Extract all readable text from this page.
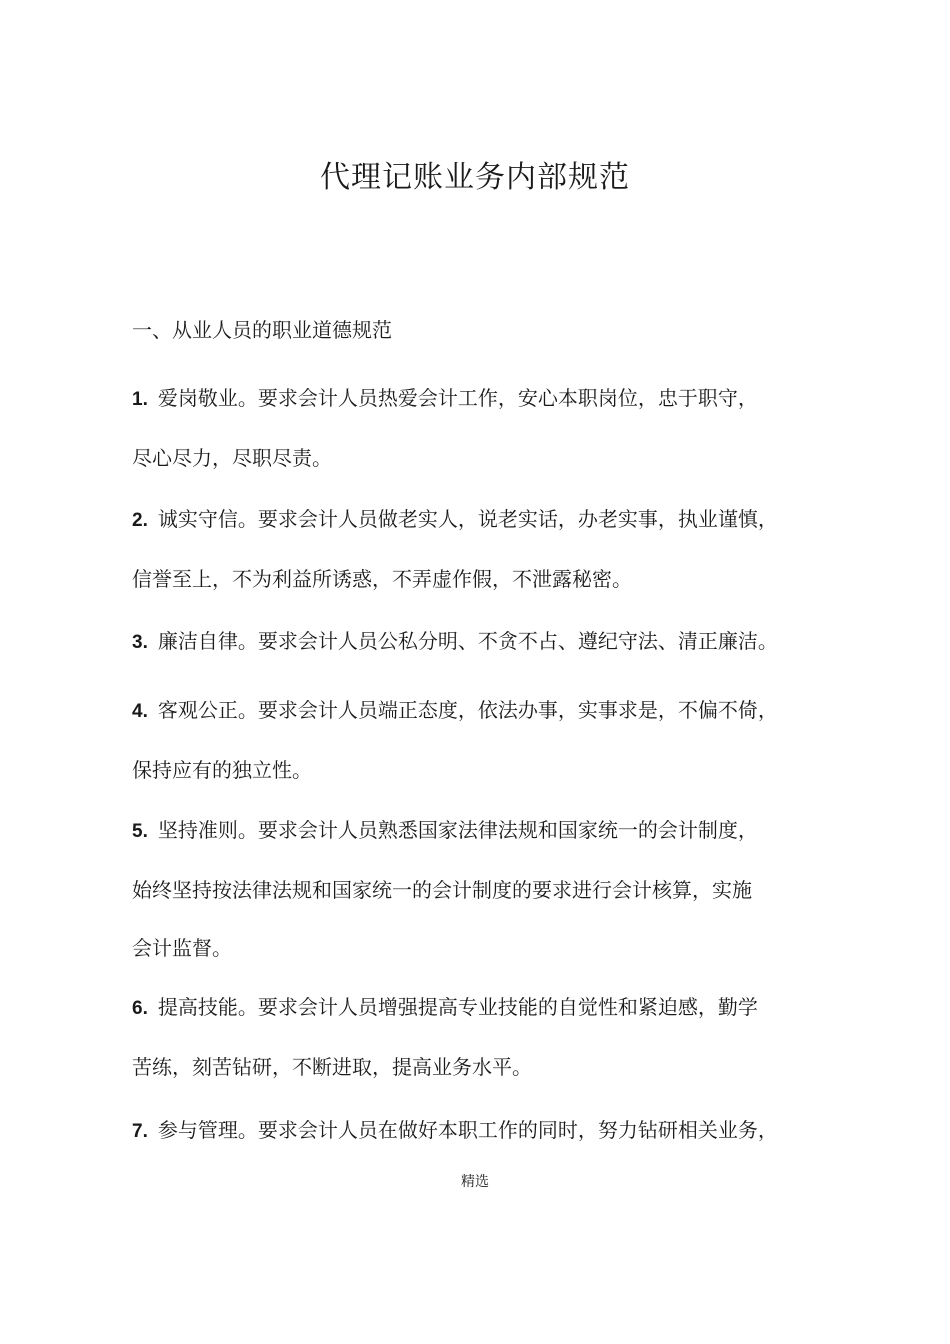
代理记账业务内部规范
一、从业人员的职业道德规范

1. 爱岗敬业。要求会计人员热爱会计工作，安心本职岗位，忠于职守，
尽心尽力，尽职尽责。

2. 诚实守信。要求会计人员做老实人，说老实话，办老实事，执业谨慎，
信誉至上，不为利益所诱惑，不弄虚作假，不泄露秘密。

3. 廉洁自律。要求会计人员公私分明、不贪不占、遵纪守法、清正廉洁。

4. 客观公正。要求会计人员端正态度，依法办事，实事求是，不偏不倚，
保持应有的独立性。

5. 坚持准则。要求会计人员熟悉国家法律法规和国家统一的会计制度，
始终坚持按法律法规和国家统一的会计制度的要求进行会计核算，实施
会计监督。

6. 提高技能。要求会计人员增强提高专业技能的自觉性和紧迫感，勤学
苦练，刻苦钻研，不断进取，提高业务水平。

7. 参与管理。要求会计人员在做好本职工作的同时，努力钻研相关业务，

精选
